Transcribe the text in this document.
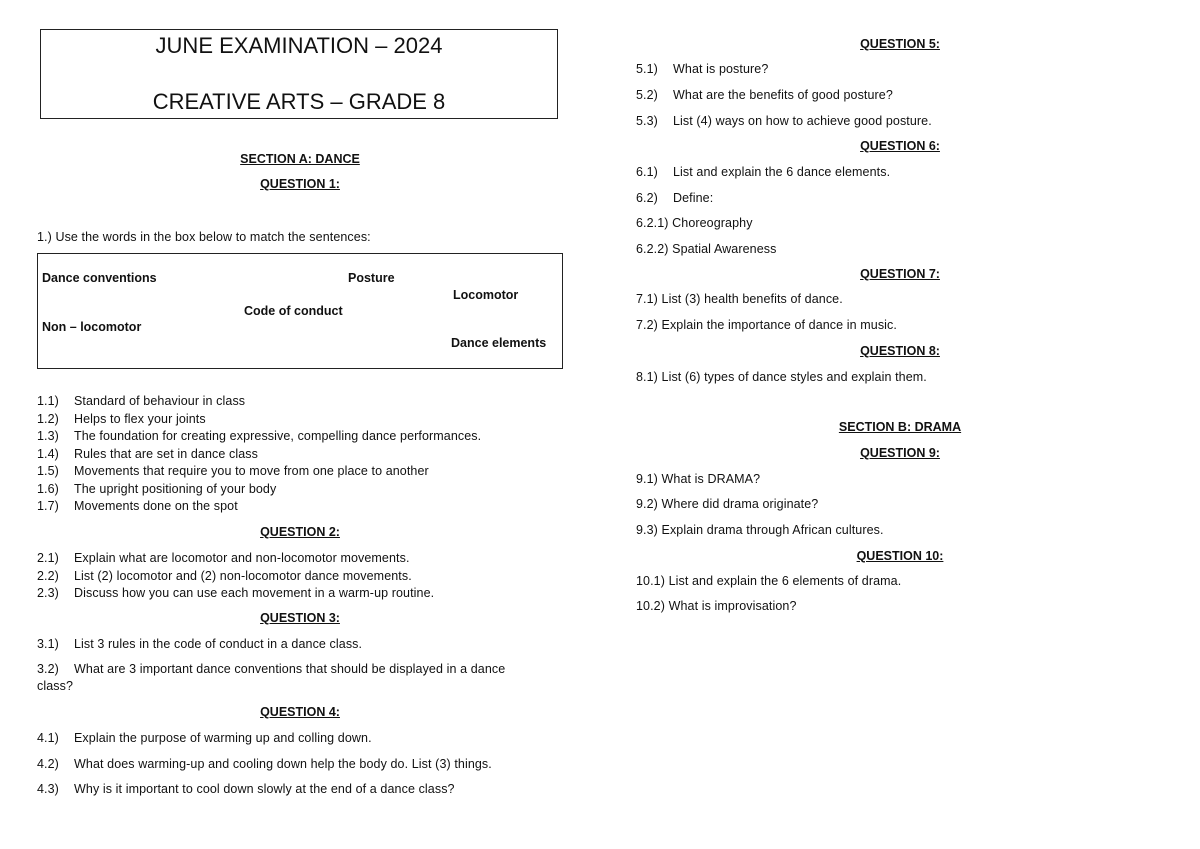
JUNE EXAMINATION – 2024
CREATIVE ARTS – GRADE 8
SECTION A: DANCE
QUESTION 1:
1.) Use the words in the box below to match the sentences:
Dance conventions	Posture
Locomotor
Code of conduct
Non – locomotor
Dance elements
1.1) Standard of behaviour in class
1.2) Helps to flex your joints
1.3) The foundation for creating expressive, compelling dance performances.
1.4) Rules that are set in dance class
1.5) Movements that require you to move from one place to another
1.6) The upright positioning of your body
1.7) Movements done on the spot
QUESTION 2:
2.1) Explain what are locomotor and non-locomotor movements.
2.2) List (2) locomotor and (2) non-locomotor dance movements.
2.3) Discuss how you can use each movement in a warm-up routine.
QUESTION 3:
3.1) List 3 rules in the code of conduct in a dance class.
3.2) What are 3 important dance conventions that should be displayed in a dance
class?
QUESTION 4:
4.1) Explain the purpose of warming up and colling down.
4.2) What does warming-up and cooling down help the body do. List (3) things.
4.3) Why is it important to cool down slowly at the end of a dance class?
QUESTION 5:
5.1) What is posture?
5.2) What are the benefits of good posture?
5.3) List (4) ways on how to achieve good posture.
QUESTION 6:
6.1) List and explain the 6 dance elements.
6.2) Define:
6.2.1) Choreography
6.2.2) Spatial Awareness
QUESTION 7:
7.1) List (3) health benefits of dance.
7.2) Explain the importance of dance in music.
QUESTION 8:
8.1) List (6) types of dance styles and explain them.
SECTION B: DRAMA
QUESTION 9:
9.1) What is DRAMA?
9.2) Where did drama originate?
9.3) Explain drama through African cultures.
QUESTION 10:
10.1) List and explain the 6 elements of drama.
10.2) What is improvisation?
